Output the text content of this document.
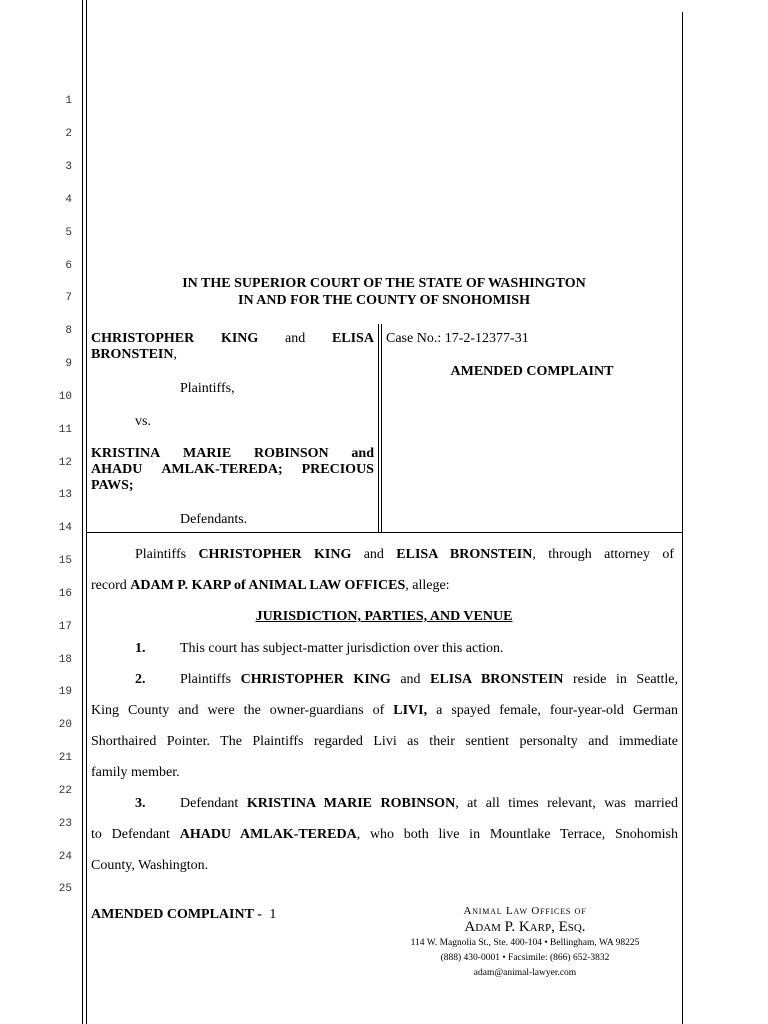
1
2
3
4
5
6
7
8
9
10
11
12
13
14
15
16
17
18
19
20
21
22
23
24
25
IN THE SUPERIOR COURT OF THE STATE OF WASHINGTON
IN AND FOR THE COUNTY OF SNOHOMISH
CHRISTOPHER KING and ELISA
BRONSTEIN,
Plaintiffs,
vs.
KRISTINA MARIE ROBINSON and
AHADU AMLAK-TEREDA; PRECIOUS
PAWS;
Defendants.
Case No.: 17-2-12377-31
AMENDED COMPLAINT
Plaintiffs CHRISTOPHER KING and ELISA BRONSTEIN, through attorney of
record ADAM P. KARP of ANIMAL LAW OFFICES, allege:
JURISDICTION, PARTIES, AND VENUE
1. This court has subject-matter jurisdiction over this action.
2. Plaintiffs CHRISTOPHER KING and ELISA BRONSTEIN reside in Seattle,
King County and were the owner-guardians of LIVI, a spayed female, four-year-old German
Shorthaired Pointer. The Plaintiffs regarded Livi as their sentient personalty and immediate
family member.
3. Defendant KRISTINA MARIE ROBINSON, at all times relevant, was married
to Defendant AHADU AMLAK-TEREDA, who both live in Mountlake Terrace, Snohomish
County, Washington.
AMENDED COMPLAINT - 1	Animal Law Offices of
Adam P. Karp, Esq.
114 W. Magnolia St., Ste. 400-104 • Bellingham, WA 98225
(888) 430-0001 • Facsimile: (866) 652-3832
adam@animal-lawyer.com
